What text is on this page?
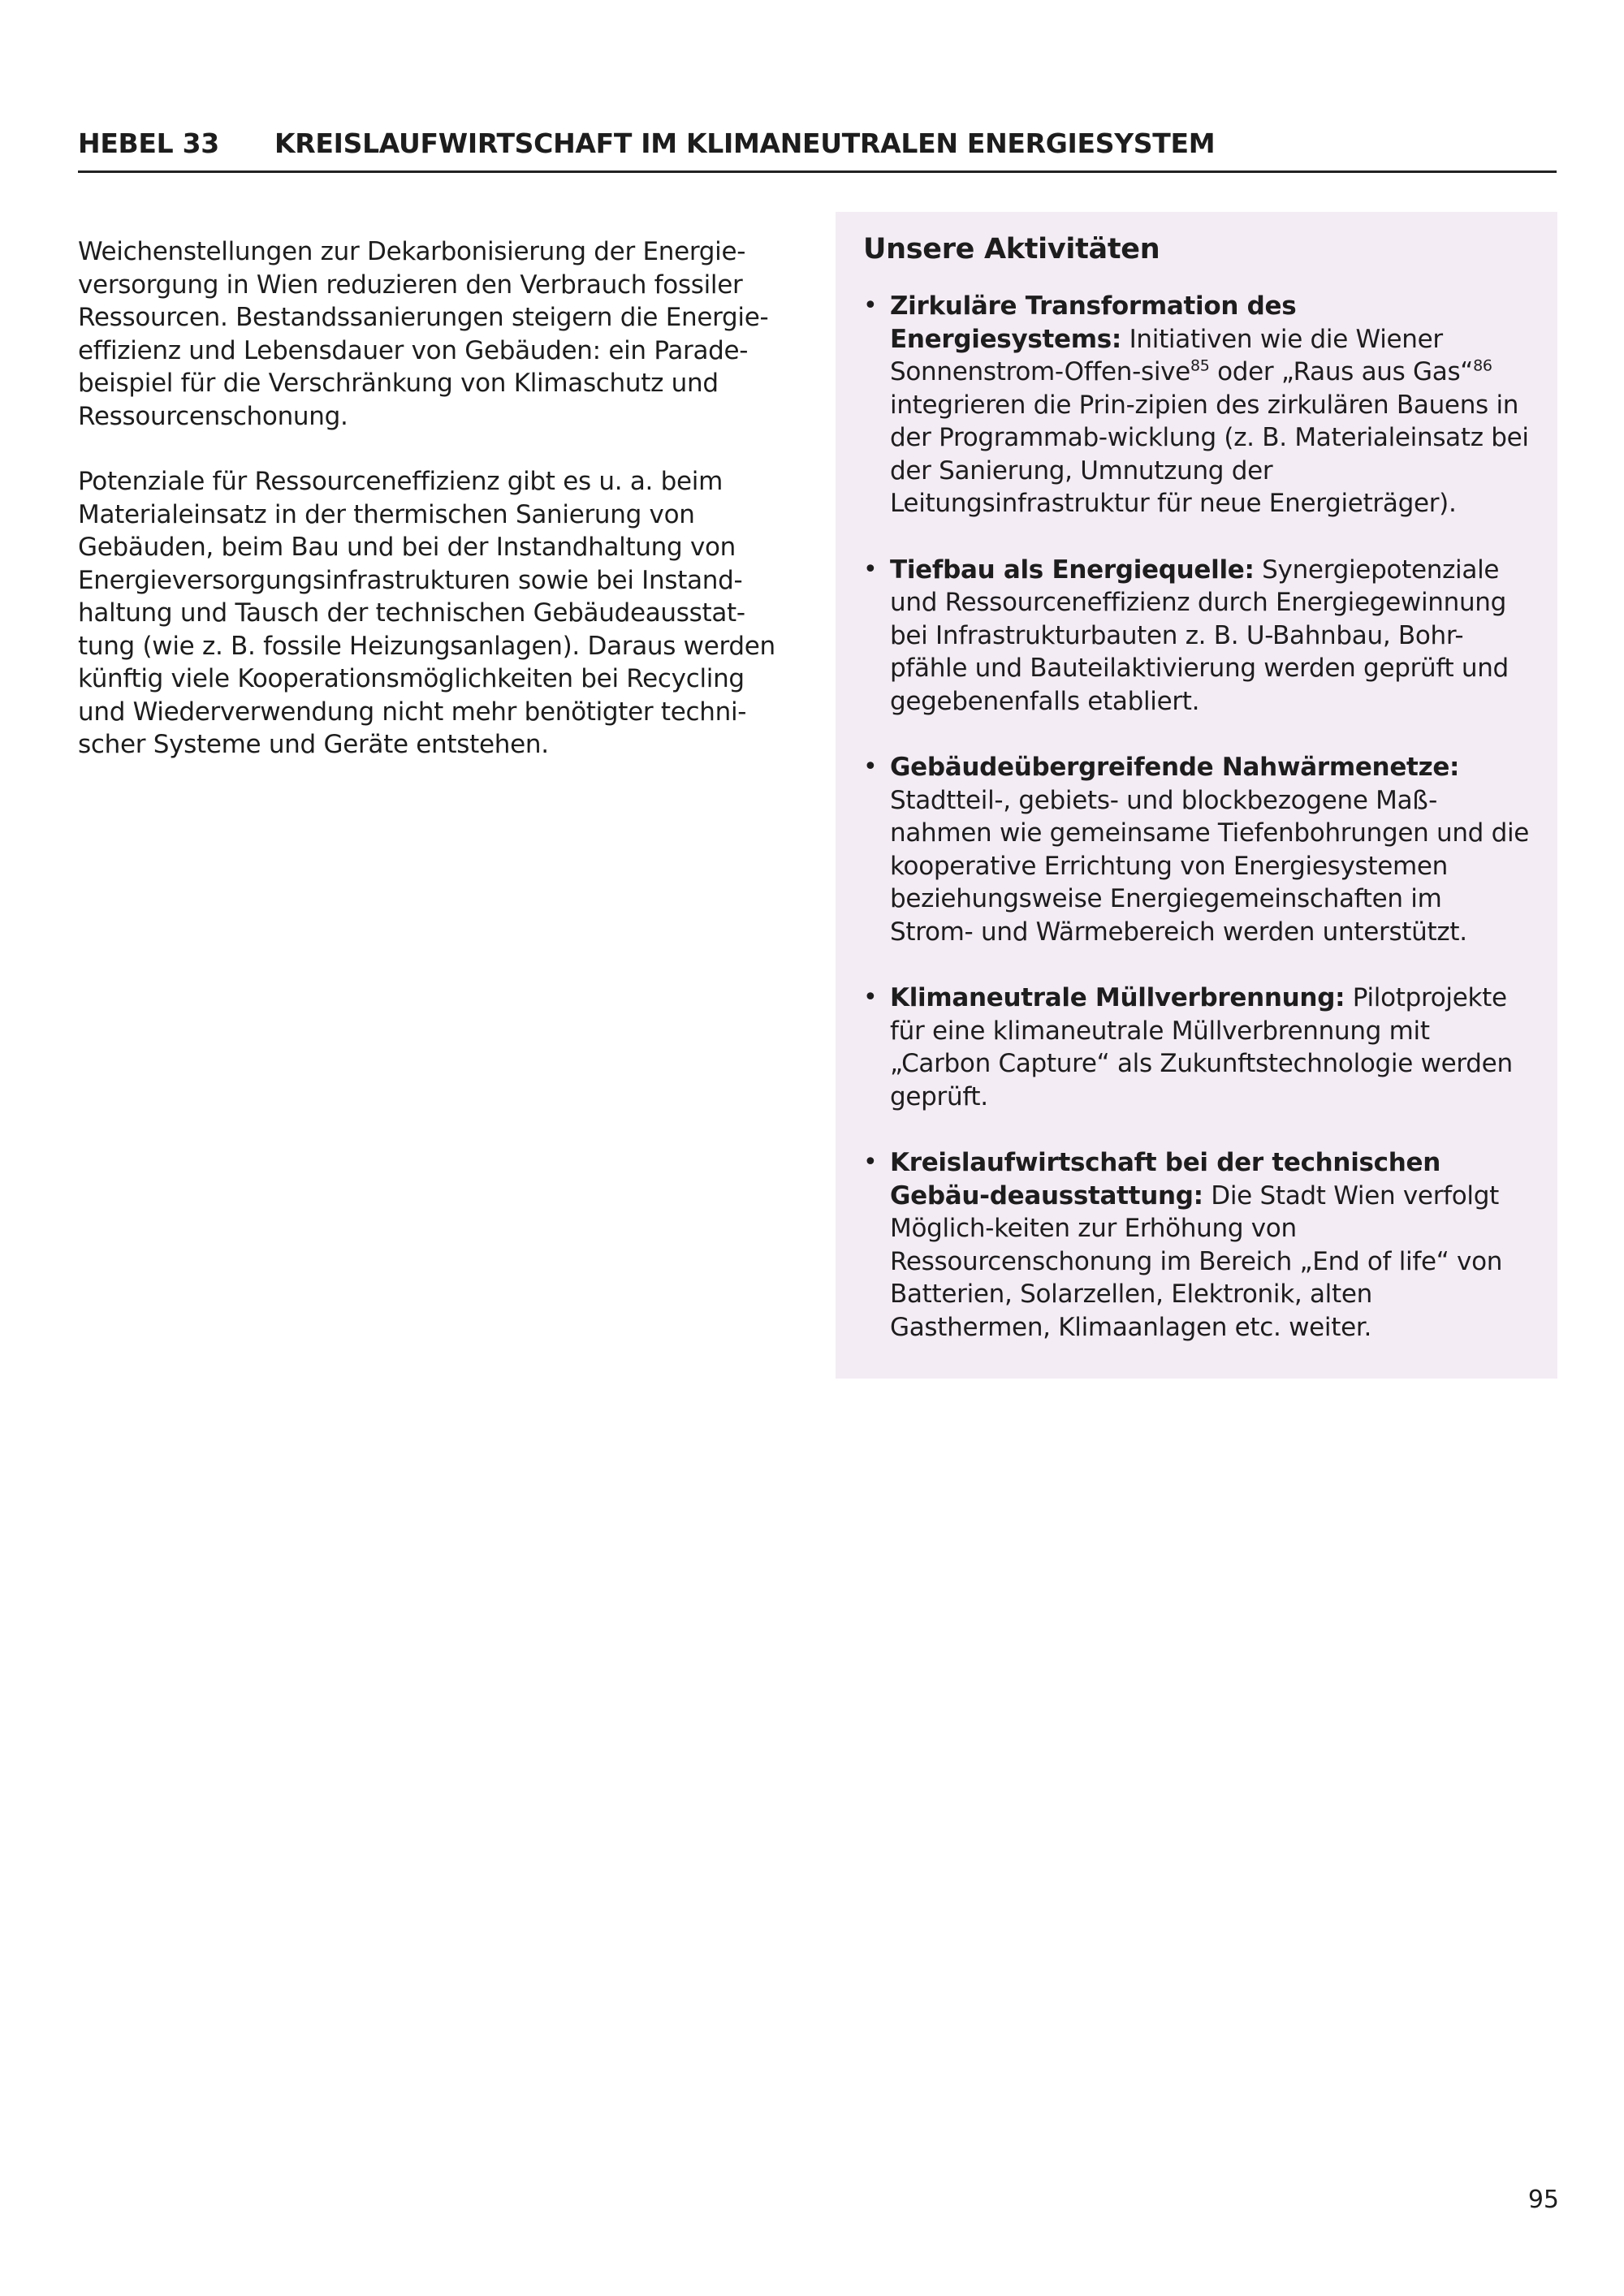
HEBEL 33 KREISLAUFWIRTSCHAFT IM KLIMANEUTRALEN ENERGIESYSTEM

Weichenstellungen zur Dekarbonisierung der Energie-versorgung in Wien reduzieren den Verbrauch fossiler Ressourcen. Bestandssanierungen steigern die Energie-effizienz und Lebensdauer von Gebäuden: ein Parade-beispiel für die Verschränkung von Klimaschutz und Ressourcenschonung.

Potenziale für Ressourceneffizienz gibt es u. a. beim Materialeinsatz in der thermischen Sanierung von Gebäuden, beim Bau und bei der Instandhaltung von Energieversorgungsinfrastrukturen sowie bei Instand-haltung und Tausch der technischen Gebäudeausstat-tung (wie z. B. fossile Heizungsanlagen). Daraus werden künftig viele Kooperationsmöglichkeiten bei Recycling und Wiederverwendung nicht mehr benötigter techni-scher Systeme und Geräte entstehen.

Unsere Aktivitäten
• Zirkuläre Transformation des Energiesystems: Initiativen wie die Wiener Sonnenstrom-Offen-sive$^{85}$ oder „Raus aus Gas“$^{86}$ integrieren die Prin-zipien des zirkulären Bauens in der Programmab-wicklung (z. B. Materialeinsatz bei der Sanierung, Umnutzung der Leitungsinfrastruktur für neue Energieträger).
• Tiefbau als Energiequelle: Synergiepotenziale und Ressourceneffizienz durch Energiegewinnung bei Infrastrukturbauten z. B. U-Bahnbau, Bohr-pfähle und Bauteilaktivierung werden geprüft und gegebenenfalls etabliert.
• Gebäudeübergreifende Nahwärmenetze: Stadtteil-, gebiets- und blockbezogene Maß-nahmen wie gemeinsame Tiefenbohrungen und die kooperative Errichtung von Energiesystemen beziehungsweise Energiegemeinschaften im Strom- und Wärmebereich werden unterstützt.
• Klimaneutrale Müllverbrennung: Pilotprojekte für eine klimaneutrale Müllverbrennung mit „Carbon Capture“ als Zukunftstechnologie werden geprüft.
• Kreislaufwirtschaft bei der technischen Gebäu-deausstattung: Die Stadt Wien verfolgt Möglich-keiten zur Erhöhung von Ressourcenschonung im Bereich „End of life“ von Batterien, Solarzellen, Elektronik, alten Gasthermen, Klimaanlagen etc. weiter.
95
